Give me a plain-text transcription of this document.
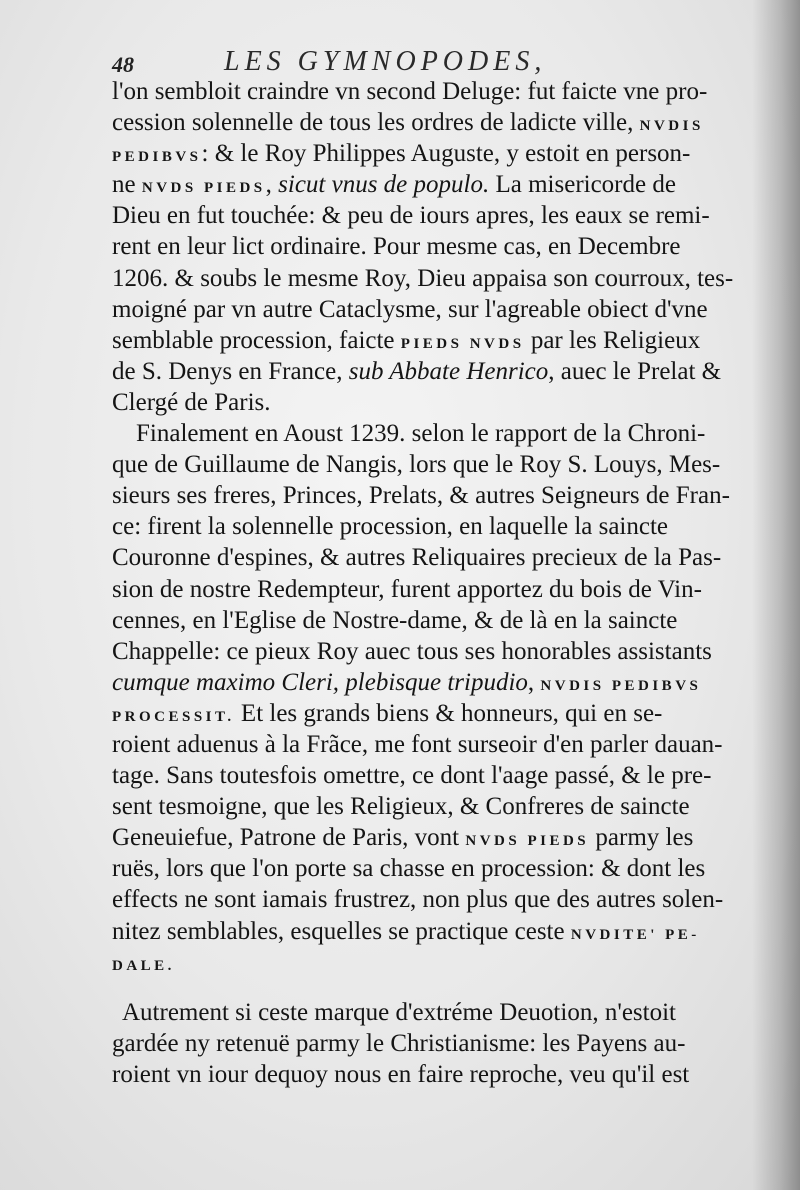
48	LES GYMNOPODES,
l'on sembloit craindre vn second Deluge: fut faicte vne pro-
cession solennelle de tous les ordres de ladicte ville, NVDIS
PEDIBVS: & le Roy Philippes Auguste, y estoit en person-
ne NVDS PIEDS, sicut vnus de populo. La misericorde de
Dieu en fut touchée: & peu de iours apres, les eaux se remi-
rent en leur lict ordinaire. Pour mesme cas, en Decembre
1206. & soubs le mesme Roy, Dieu appaisa son courroux, tes-
moigné par vn autre Cataclysme, sur l'agreable obiect d'vne
semblable procession, faicte PIEDS NVDS par les Religieux
de S. Denys en France, sub Abbate Henrico, auec le Prelat &
Clergé de Paris.
Finalement en Aoust 1239. selon le rapport de la Chroni-
que de Guillaume de Nangis, lors que le Roy S. Louys, Mes-
sieurs ses freres, Princes, Prelats, & autres Seigneurs de Fran-
ce: firent la solennelle procession, en laquelle la saincte
Couronne d'espines, & autres Reliquaires precieux de la Pas-
sion de nostre Redempteur, furent apportez du bois de Vin-
cennes, en l'Eglise de Nostre-dame, & de là en la saincte
Chappelle: ce pieux Roy auec tous ses honorables assistants
cumque maximo Cleri, plebisque tripudio, NVDIS PEDIBVS
PROCESSIT. Et les grands biens & honneurs, qui en se-
roient aduenus à la Frãce, me font surseoir d'en parler dauan-
tage. Sans toutesfois omettre, ce dont l'aage passé, & le pre-
sent tesmoigne, que les Religieux, & Confreres de saincte
Geneuiefue, Patrone de Paris, vont NVDS PIEDS parmy les
ruës, lors que l'on porte sa chasse en procession: & dont les
effects ne sont iamais frustrez, non plus que des autres solen-
nitez semblables, esquelles se practique ceste NVDITE' PE-
DALE.
Autrement si ceste marque d'extréme Deuotion, n'estoit
gardée ny retenuë parmy le Christianisme: les Payens au-
roient vn iour dequoy nous en faire reproche, veu qu'il est
